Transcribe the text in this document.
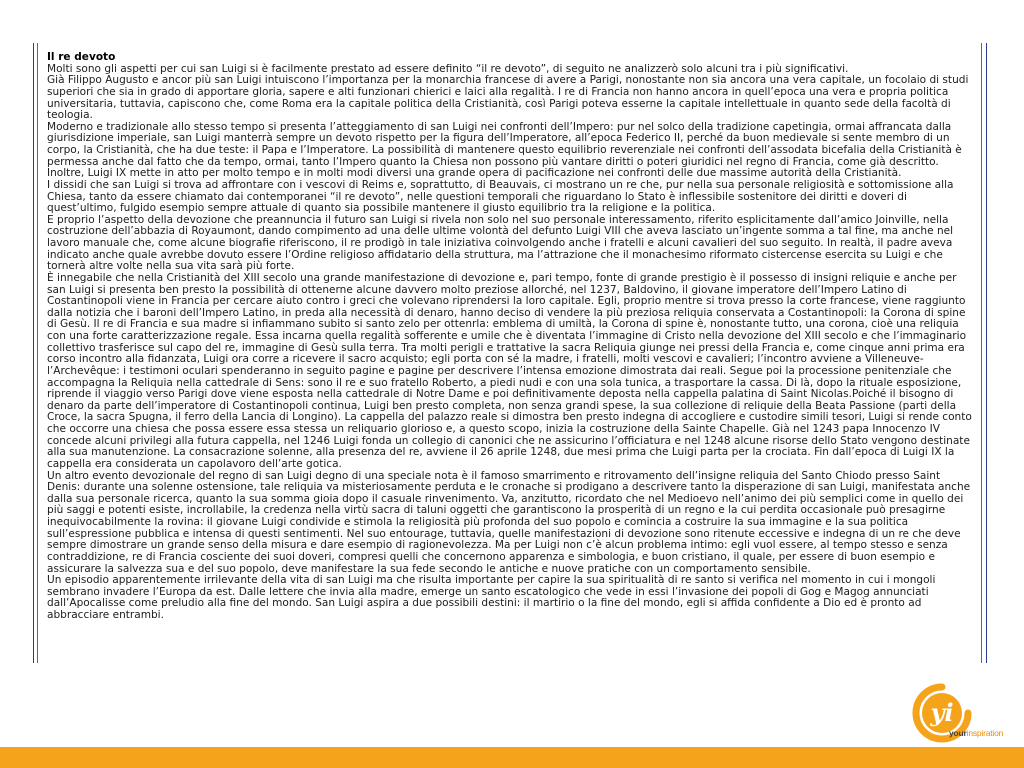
Il re devoto

Molti sono gli aspetti per cui san Luigi si è facilmente prestato ad essere definito “il re devoto”, di seguito ne analizzerò solo alcuni tra i più significativi.

Già Filippo Augusto e ancor più san Luigi intuiscono l’importanza per la monarchia francese di avere a Parigi, nonostante non sia ancora una vera capitale, un focolaio di studi superiori che sia in grado di apportare gloria, sapere e alti funzionari chierici e laici alla regalità. I re di Francia non hanno ancora in quell’epoca una vera e propria politica universitaria, tuttavia, capiscono che, come Roma era la capitale politica della Cristianità, così Parigi poteva esserne la capitale intellettuale in quanto sede della facoltà di teologia.

Moderno e tradizionale allo stesso tempo si presenta l’atteggiamento di san Luigi nei confronti dell’Impero: pur nel solco della tradizione capetingia, ormai affrancata dalla giurisdizione imperiale, san Luigi manterrà sempre un devoto rispetto per la figura dell’Imperatore, all’epoca Federico II, perché da buon medievale si sente membro di un corpo, la Cristianità, che ha due teste: il Papa e l’Imperatore. La possibilità di mantenere questo equilibrio reverenziale nei confronti dell’assodata bicefalia della Cristianità è permessa anche dal fatto che da tempo, ormai, tanto l’Impero quanto la Chiesa non possono più vantare diritti o poteri giuridici nel regno di Francia, come già descritto. Inoltre, Luigi IX mette in atto per molto tempo e in molti modi diversi una grande opera di pacificazione nei confronti delle due massime autorità della Cristianità.

I dissidi che san Luigi si trova ad affrontare con i vescovi di Reims e, soprattutto, di Beauvais, ci mostrano un re che, pur nella sua personale religiosità e sottomissione alla Chiesa, tanto da essere chiamato dai contemporanei “il re devoto”, nelle questioni temporali che riguardano lo Stato è inflessibile sostenitore dei diritti e doveri di quest’ultimo, fulgido esempio sempre attuale di quanto sia possibile mantenere il giusto equilibrio tra la religione e la politica.

E proprio l’aspetto della devozione che preannuncia il futuro san Luigi si rivela non solo nel suo personale interessamento, riferito esplicitamente dall’amico Joinville, nella costruzione dell’abbazia di Royaumont, dando compimento ad una delle ultime volontà del defunto Luigi VIII che aveva lasciato un’ingente somma a tal fine, ma anche nel lavoro manuale che, come alcune biografie riferiscono, il re prodigò in tale iniziativa coinvolgendo anche i fratelli e alcuni cavalieri del suo seguito. In realtà, il padre aveva indicato anche quale avrebbe dovuto essere l’Ordine religioso affidatario della struttura, ma l’attrazione che il monachesimo riformato cistercense esercita su Luigi e che tornerà altre volte nella sua vita sarà più forte.

È innegabile che nella Cristianità del XIII secolo una grande manifestazione di devozione e, pari tempo, fonte di grande prestigio è il possesso di insigni reliquie e anche per san Luigi si presenta ben presto la possibilità di ottenerne alcune davvero molto preziose allorché, nel 1237, Baldovino, il giovane imperatore dell’Impero Latino di Costantinopoli viene in Francia per cercare aiuto contro i greci che volevano riprendersi la loro capitale. Egli, proprio mentre si trova presso la corte francese, viene raggiunto dalla notizia che i baroni dell’Impero Latino, in preda alla necessità di denaro, hanno deciso di vendere la più preziosa reliquia conservata a Costantinopoli: la Corona di spine di Gesù. Il re di Francia e sua madre si infiammano subito si santo zelo per ottenrla: emblema di umiltà, la Corona di spine è, nonostante tutto, una corona, cioè una reliquia con una forte caratterizzazione regale. Essa incarna quella regalità sofferente e umile che è diventata l’immagine di Cristo nella devozione del XIII secolo e che l’immaginario collettivo trasferisce sul capo del re, immagine di Gesù sulla terra. Tra molti perigli e trattative la sacra Reliquia giunge nei pressi della Francia e, come cinque anni prima era corso incontro alla fidanzata, Luigi ora corre a ricevere il sacro acquisto; egli porta con sé la madre, i fratelli, molti vescovi e cavalieri; l’incontro avviene a Villeneuve-l’Archevêque: i testimoni oculari spenderanno in seguito pagine e pagine per descrivere l’intensa emozione dimostrata dai reali. Segue poi la processione penitenziale che accompagna la Reliquia nella cattedrale di Sens: sono il re e suo fratello Roberto, a piedi nudi e con una sola tunica, a trasportare la cassa. Di là, dopo la rituale esposizione, riprende il viaggio verso Parigi dove viene esposta nella cattedrale di Notre Dame e poi definitivamente deposta nella cappella palatina di Saint Nicolas.Poiché il bisogno di denaro da parte dell’imperatore di Costantinopoli continua, Luigi ben presto completa, non senza grandi spese, la sua collezione di reliquie della Beata Passione (parti della Croce, la sacra Spugna, il ferro della Lancia di Longino). La cappella del palazzo reale si dimostra ben presto indegna di accogliere e custodire simili tesori, Luigi si rende conto che occorre una chiesa che possa essere essa stessa un reliquario glorioso e, a questo scopo, inizia la costruzione della Sainte Chapelle. Già nel 1243 papa Innocenzo IV concede alcuni privilegi alla futura cappella, nel 1246 Luigi fonda un collegio di canonici che ne assicurino l’officiatura e nel 1248 alcune risorse dello Stato vengono destinate alla sua manutenzione. La consacrazione solenne, alla presenza del re, avviene il 26 aprile 1248, due mesi prima che Luigi parta per la crociata. Fin dall’epoca di Luigi IX la cappella era considerata un capolavoro dell’arte gotica.

Un altro evento devozionale del regno di san Luigi degno di una speciale nota è il famoso smarrimento e ritrovamento dell’insigne reliquia del Santo Chiodo presso Saint Denis: durante una solenne ostensione, tale reliquia va misteriosamente perduta e le cronache si prodigano a descrivere tanto la disperazione di san Luigi, manifestata anche dalla sua personale ricerca, quanto la sua somma gioia dopo il casuale rinvenimento. Va, anzitutto, ricordato che nel Medioevo nell’animo dei più semplici come in quello dei più saggi e potenti esiste, incrollabile, la credenza nella virtù sacra di taluni oggetti che garantiscono la prosperità di un regno e la cui perdita occasionale può presagirne inequivocabilmente la rovina: il giovane Luigi condivide e stimola la religiosità più profonda del suo popolo e comincia a costruire la sua immagine e la sua politica sull’espressione pubblica e intensa di questi sentimenti. Nel suo entourage, tuttavia, quelle manifestazioni di devozione sono ritenute eccessive e indegna di un re che deve sempre dimostrare un grande senso della misura e dare esempio di ragionevolezza. Ma per Luigi non c’è alcun problema intimo: egli vuol essere, al tempo stesso e senza contraddizione, re di Francia cosciente dei suoi doveri, compresi quelli che concernono apparenza e simbologia, e buon cristiano, il quale, per essere di buon esempio e assicurare la salvezza sua e del suo popolo, deve manifestare la sua fede secondo le antiche e nuove pratiche con un comportamento sensibile.

Un episodio apparentemente irrilevante della vita di san Luigi ma che risulta importante per capire la sua spiritualità di re santo si verifica nel momento in cui i mongoli sembrano invadere l’Europa da est. Dalle lettere che invia alla madre, emerge un santo escatologico che vede in essi l’invasione dei popoli di Gog e Magog annunciati dall’Apocalisse come preludio alla fine del mondo. San Luigi aspira a due possibili destini: il martirio o la fine del mondo, egli si affida confidente a Dio ed è pronto ad abbracciare entrambi.

yi
yourinspiration
